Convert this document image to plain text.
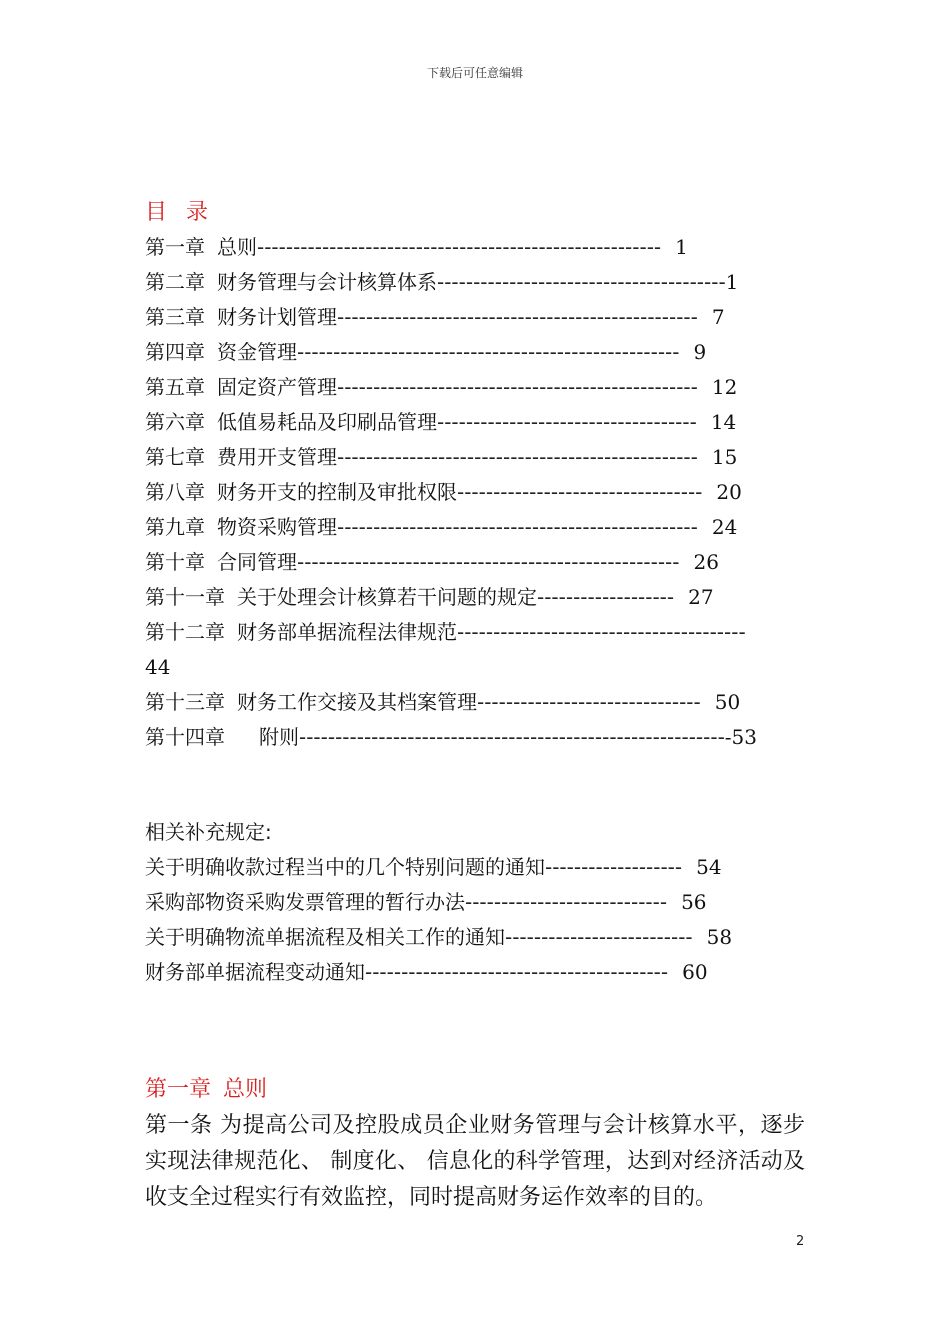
下载后可任意编辑
目 录
第一章 总则 -------------------------------------------------------- 1
第二章 财务管理与会计核算体系 ---------------------------------------- 1
第三章 财务计划管理 -------------------------------------------------- 7
第四章 资金管理 ----------------------------------------------------- 9
第五章 固定资产管理 -------------------------------------------------- 12
第六章 低值易耗品及印刷品管理 ------------------------------------ 14
第七章 费用开支管理 -------------------------------------------------- 15
第八章 财务开支的控制及审批权限 ---------------------------------- 20
第九章 物资采购管理 -------------------------------------------------- 24
第十章 合同管理 ----------------------------------------------------- 26
第十一章 关于处理会计核算若干问题的规定 ------------------- 27
第十二章 财务部单据流程法律规范 ----------------------------------------
44
第十三章 财务工作交接及其档案管理 ------------------------------- 50
第十四章 附则 ----------------------------------------------------------- -53
相关补充规定:
关于明确收款过程当中的几个特别问题的通知 ------------------- 54
采购部物资采购发票管理的暂行办法 ---------------------------- 56
关于明确物流单据流程及相关工作的通知 -------------------------- 58
财务部单据流程变动通知 ------------------------------------------ 60
第一章 总则
第一条 为提高公司及控股成员企业财务管理与会计核算水平，逐步实现法律规范化、 制度化、 信息化的科学管理，达到对经济活动及收支全过程实行有效监控，同时提高财务运作效率的目的。
2
